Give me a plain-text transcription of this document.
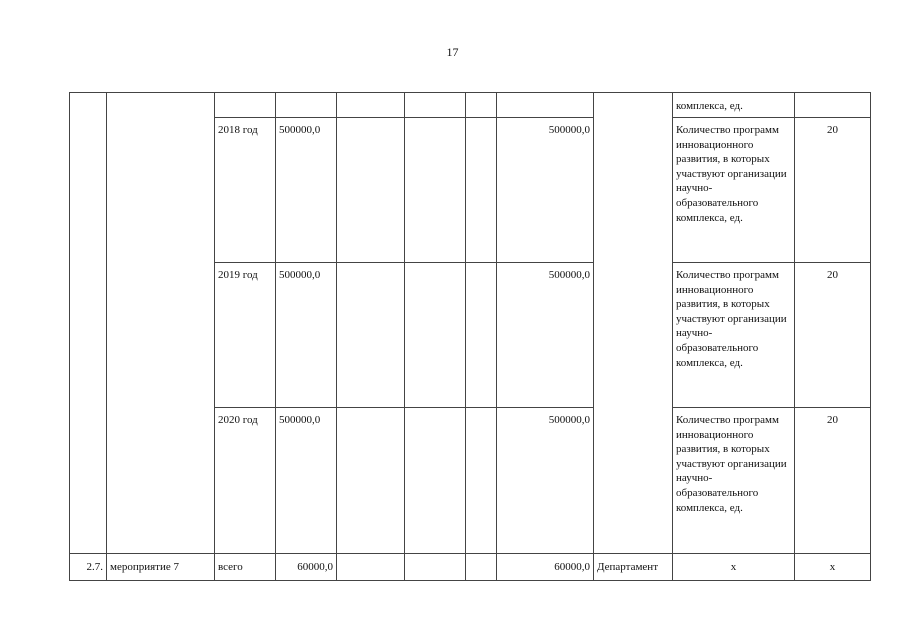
17
									комплекса, ед.	
		2018 год	500000,0				500000,0		Количество программ инновационного развития, в которых участвуют организации научно-образовательного комплекса, ед.	20
		2019 год	500000,0				500000,0		Количество программ инновационного развития, в которых участвуют организации научно-образовательного комплекса, ед.	20
		2020 год	500000,0				500000,0		Количество программ инновационного развития, в которых участвуют организации научно-образовательного комплекса, ед.	20
2.7.	мероприятие 7	всего	60000,0				60000,0	Департамент	x	x
